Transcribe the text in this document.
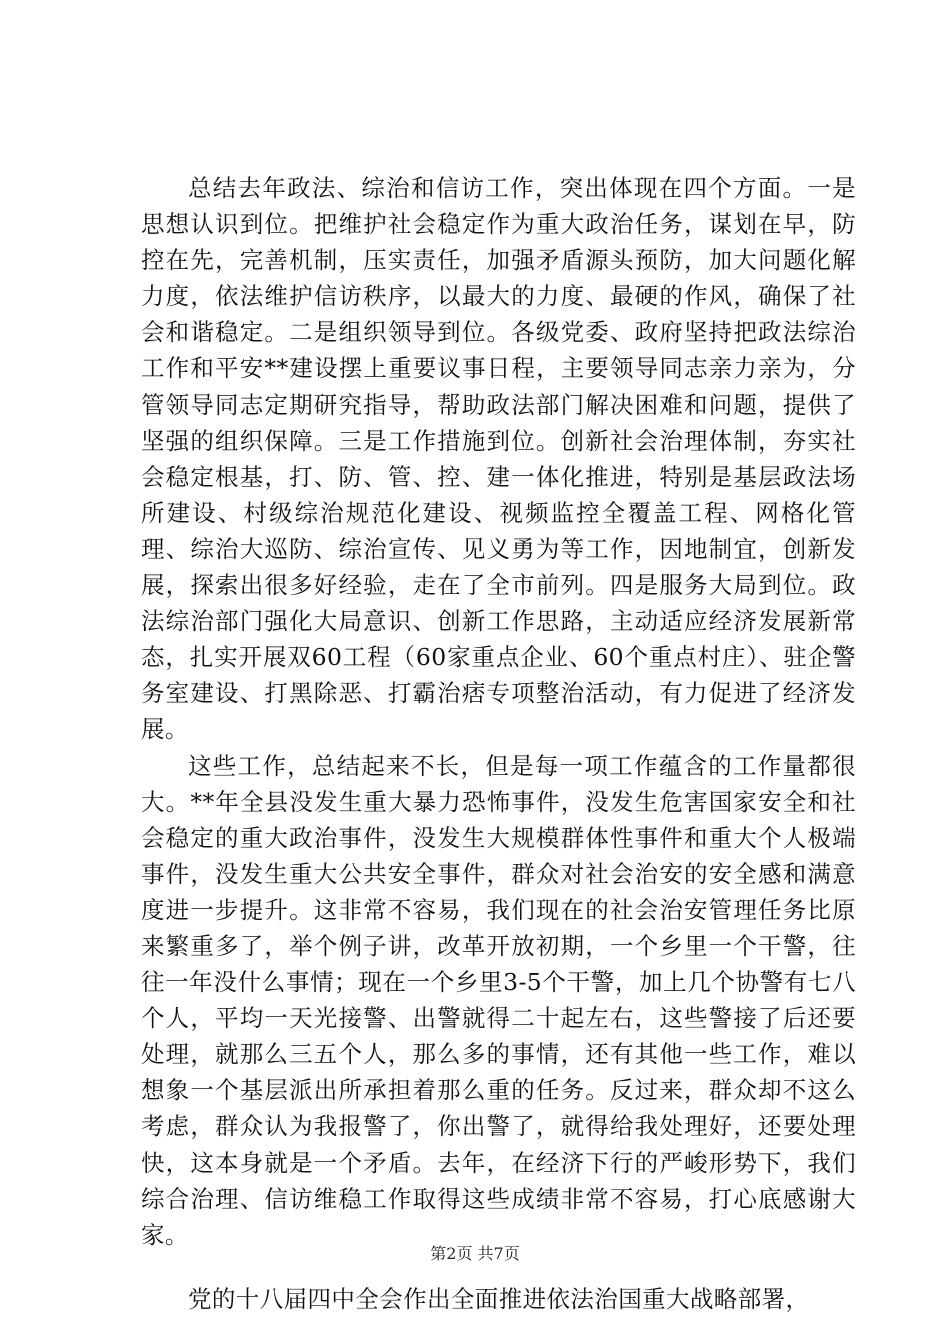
总结去年政法、综治和信访工作，突出体现在四个方面。一是思想认识到位。把维护社会稳定作为重大政治任务，谋划在早，防控在先，完善机制，压实责任，加强矛盾源头预防，加大问题化解力度，依法维护信访秩序，以最大的力度、最硬的作风，确保了社会和谐稳定。二是组织领导到位。各级党委、政府坚持把政法综治工作和平安**建设摆上重要议事日程，主要领导同志亲力亲为，分管领导同志定期研究指导，帮助政法部门解决困难和问题，提供了坚强的组织保障。三是工作措施到位。创新社会治理体制，夯实社会稳定根基，打、防、管、控、建一体化推进，特别是基层政法场所建设、村级综治规范化建设、视频监控全覆盖工程、网格化管理、综治大巡防、综治宣传、见义勇为等工作，因地制宜，创新发展，探索出很多好经验，走在了全市前列。四是服务大局到位。政法综治部门强化大局意识、创新工作思路，主动适应经济发展新常态，扎实开展双60工程（60家重点企业、60个重点村庄）、驻企警务室建设、打黑除恶、打霸治痞专项整治活动，有力促进了经济发展。

这些工作，总结起来不长，但是每一项工作蕴含的工作量都很大。**年全县没发生重大暴力恐怖事件，没发生危害国家安全和社会稳定的重大政治事件，没发生大规模群体性事件和重大个人极端事件，没发生重大公共安全事件，群众对社会治安的安全感和满意度进一步提升。这非常不容易，我们现在的社会治安管理任务比原来繁重多了，举个例子讲，改革开放初期，一个乡里一个干警，往往一年没什么事情；现在一个乡里3-5个干警，加上几个协警有七八个人，平均一天光接警、出警就得二十起左右，这些警接了后还要处理，就那么三五个人，那么多的事情，还有其他一些工作，难以想象一个基层派出所承担着那么重的任务。反过来，群众却不这么考虑，群众认为我报警了，你出警了，就得给我处理好，还要处理快，这本身就是一个矛盾。去年，在经济下行的严峻形势下，我们综合治理、信访维稳工作取得这些成绩非常不容易，打心底感谢大家。

党的十八届四中全会作出全面推进依法治国重大战略部署，

第2页 共7页
